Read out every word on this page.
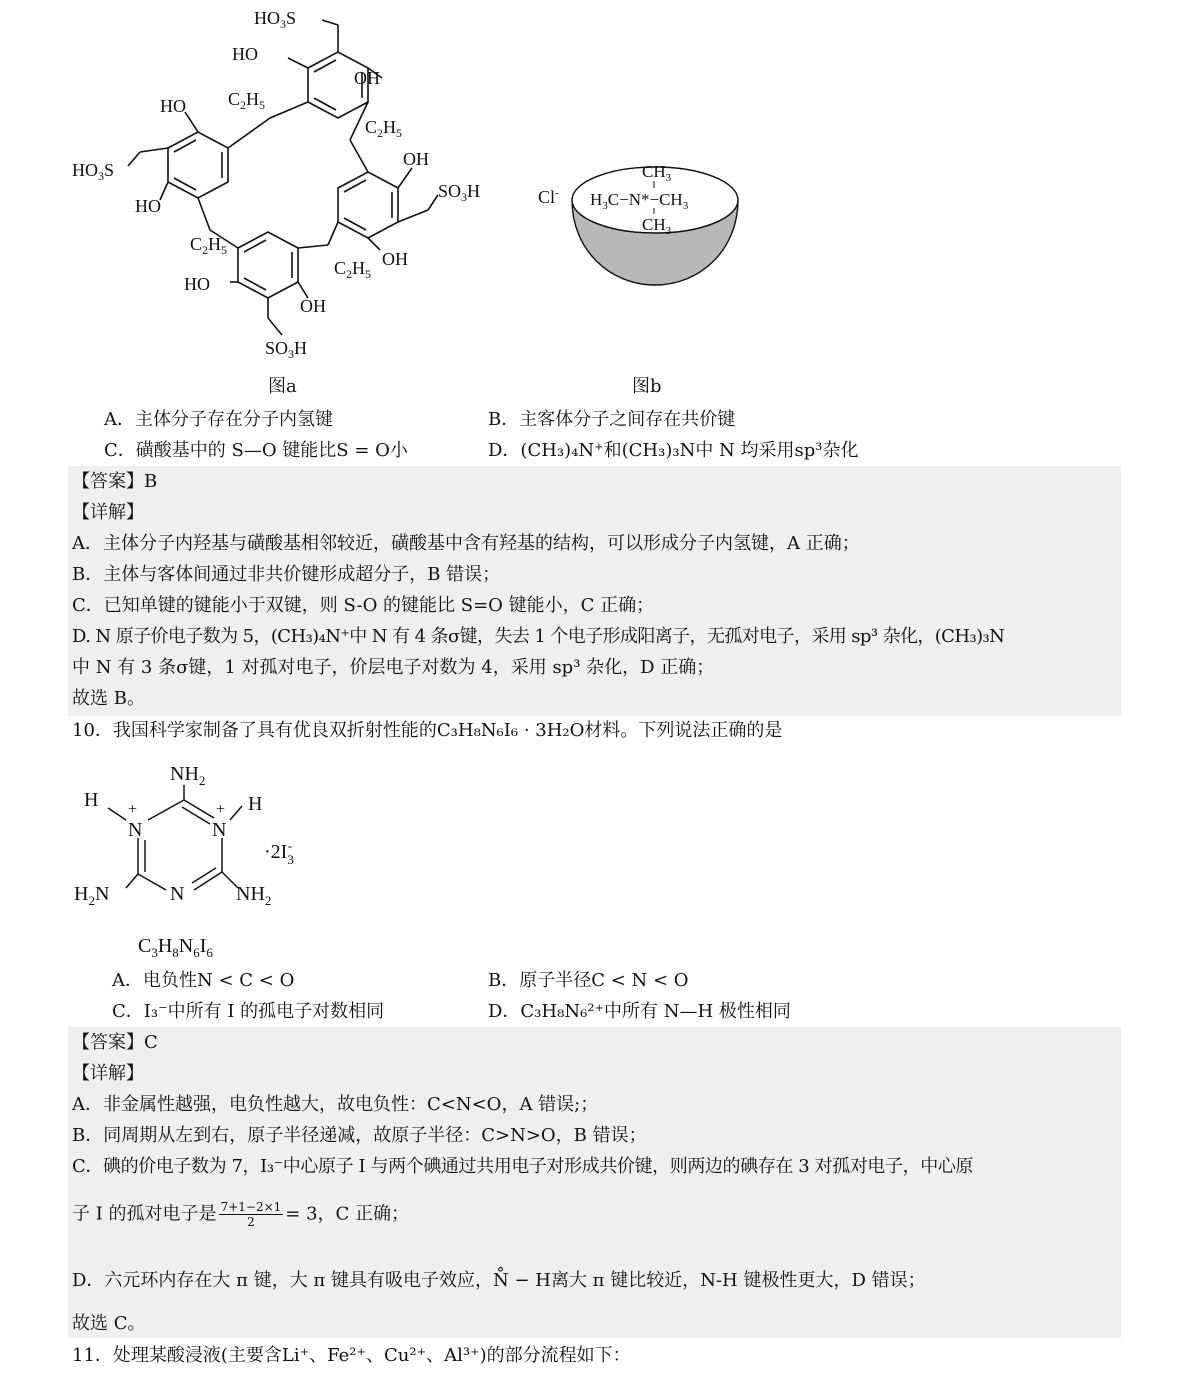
$HO_3S$
HO
OH
$C_2H_5$
$C_2H_5$
HO
$HO_3S$
HO
OH
$SO_3H$
$C_2H_5$
$C_2H_5$
OH
HO
OH
$SO_3H$
图a
Cl-
$CH_3$
$H_3C-N*-CH_3$
$CH_3$
图b
A．主体分子存在分子内氢键	B．主客体分子之间存在共价键
C．磺酸基中的 S—O 键能比S = O小	D．(CH₃)₄N⁺和(CH₃)₃N中 N 均采用sp³杂化
【答案】B
【详解】
A．主体分子内羟基与磺酸基相邻较近，磺酸基中含有羟基的结构，可以形成分子内氢键，A 正确；
B．主体与客体间通过非共价键形成超分子，B 错误；
C．已知单键的键能小于双键，则 S-O 的键能比 S=O 键能小，C 正确；
D. N 原子价电子数为 5，(CH₃)₄N⁺中 N 有 4 条σ键，失去 1 个电子形成阳离子，无孤对电子，采用 sp³ 杂化，(CH₃)₃N
中 N 有 3 条σ键，1 对孤对电子，价层电子对数为 4，采用 sp³ 杂化，D 正确；
故选 B。
10．我国科学家制备了具有优良双折射性能的C₃H₈N₆I₆ · 3H₂O材料。下列说法正确的是
$NH_2$
H	H
+	+
N	N
N
$H_2N$	$NH_2$
$\cdot 2I_3-$
$C_3H_8N_6I_6$
A．电负性N < C < O	B．原子半径C < N < O
C．I₃⁻中所有 I 的孤电子对数相同	D．C₃H₈N₆²⁺中所有 N—H 极性相同
【答案】C
【详解】
A．非金属性越强，电负性越大，故电负性：C<N<O，A 错误;；
B．同周期从左到右，原子半径递减，故原子半径：C>N>O，B 错误；
C．碘的价电子数为 7，I₃⁻中心原子 I 与两个碘通过共用电子对形成共价键，则两边的碘存在 3 对孤对电子，中心原
子 I 的孤对电子是 $\frac{7+1-2\times 1}{2} = 3$，C 正确；
D．六元环内存在大 π 键，大 π 键具有吸电子效应，N̊ − H离大 π 键比较近，N-H 键极性更大，D 错误；
故选 C。
11．处理某酸浸液(主要含Li⁺、Fe²⁺、Cu²⁺、Al³⁺)的部分流程如下：
